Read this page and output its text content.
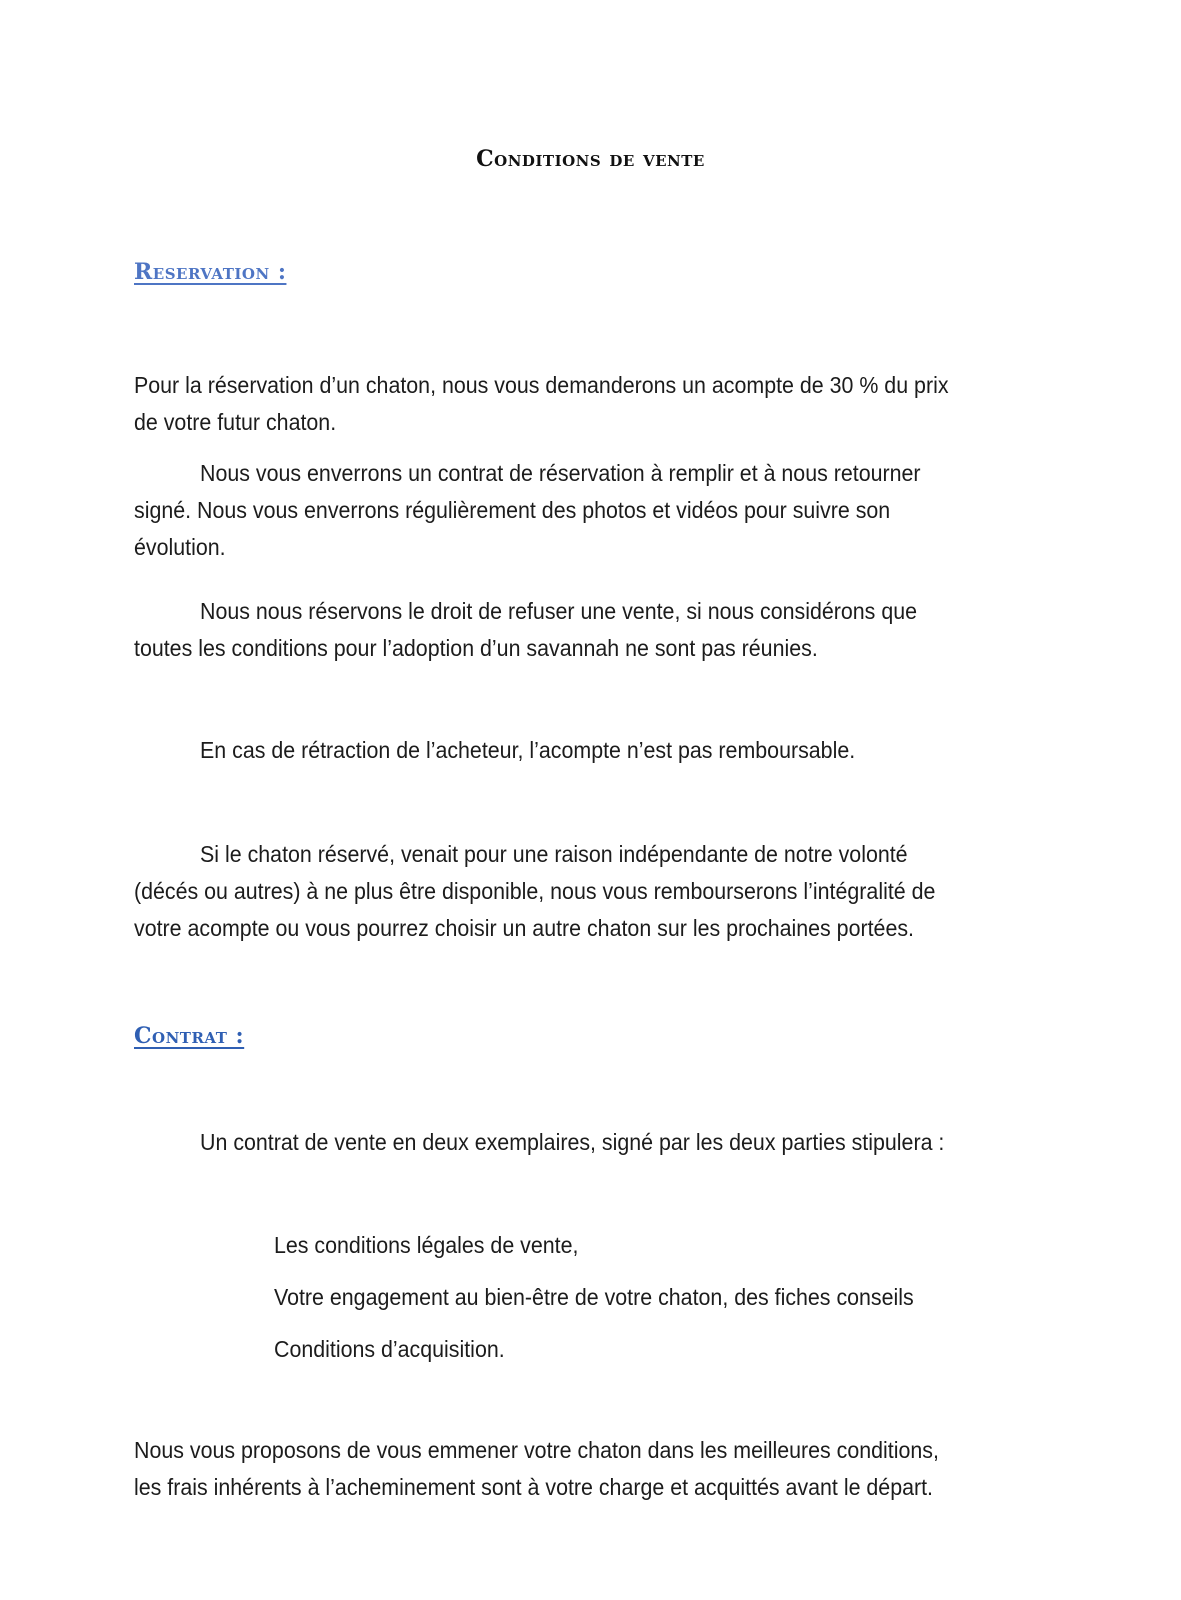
Conditions de vente
Reservation :
Pour la réservation d’un chaton, nous vous demanderons un acompte de 30 % du prix de votre futur chaton.
Nous vous enverrons un contrat de réservation à remplir et à nous retourner signé. Nous vous enverrons régulièrement des photos et vidéos pour suivre son évolution.
Nous nous réservons le droit de refuser une vente, si nous considérons que toutes les conditions pour l’adoption d’un savannah ne sont pas réunies.
En cas de rétraction de l’acheteur, l’acompte n’est pas remboursable.
Si le chaton réservé, venait pour une raison indépendante de notre volonté (décés ou autres) à ne plus être disponible, nous vous rembourserons l’intégralité de votre acompte ou vous pourrez choisir un autre chaton sur les prochaines portées.
Contrat :
Un contrat de vente en deux exemplaires, signé par les deux parties stipulera :
Les conditions légales de vente,
Votre engagement au bien-être de votre chaton, des fiches conseils
Conditions d’acquisition.
Nous vous proposons de vous emmener votre chaton dans les meilleures conditions, les frais inhérents à l’acheminement sont à votre charge et acquittés avant le départ.
